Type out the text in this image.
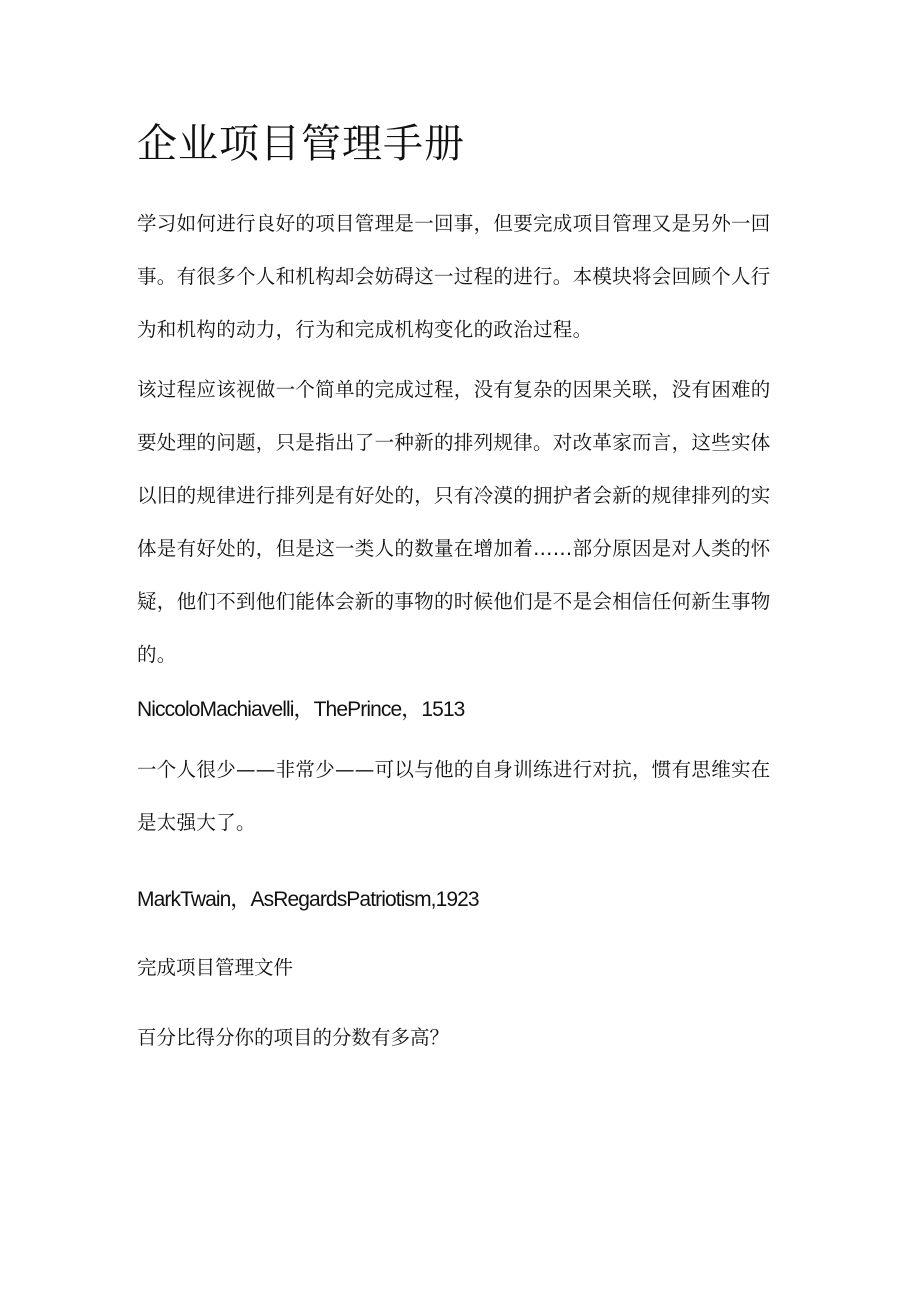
企业项目管理手册

学习如何进行良好的项目管理是一回事，但要完成项目管理又是另外一回事。有很多个人和机构却会妨碍这一过程的进行。本模块将会回顾个人行为和机构的动力，行为和完成机构变化的政治过程。

该过程应该视做一个简单的完成过程，没有复杂的因果关联，没有困难的要处理的问题，只是指出了一种新的排列规律。对改革家而言，这些实体以旧的规律进行排列是有好处的，只有冷漠的拥护者会新的规律排列的实体是有好处的，但是这一类人的数量在增加着……部分原因是对人类的怀疑，他们不到他们能体会新的事物的时候他们是不是会相信任何新生事物的。

NiccoloMachiavelli，ThePrince，1513

一个人很少——非常少——可以与他的自身训练进行对抗，惯有思维实在是太强大了。

MarkTwain，AsRegardsPatriotism,1923

完成项目管理文件

百分比得分你的项目的分数有多高？
